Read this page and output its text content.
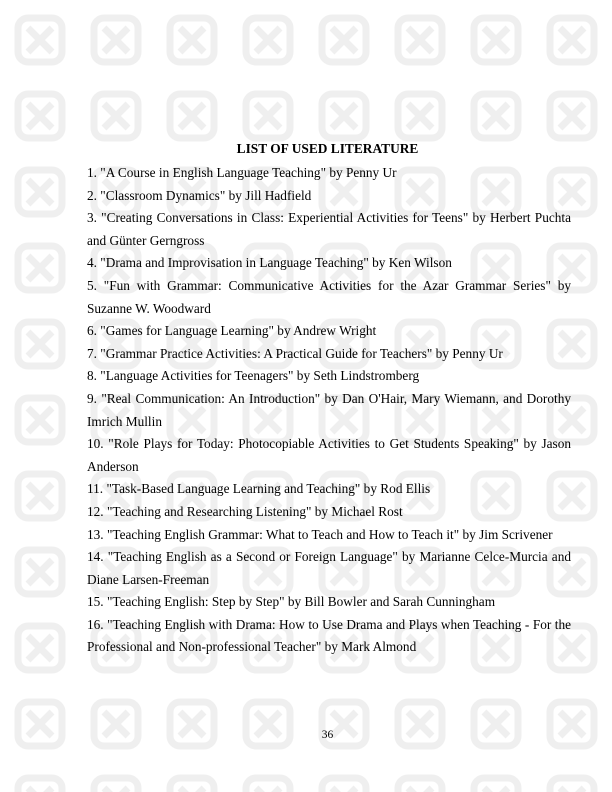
LIST OF USED LITERATURE
1. "A Course in English Language Teaching" by Penny Ur
2. "Classroom Dynamics" by Jill Hadfield
3. "Creating Conversations in Class: Experiential Activities for Teens" by Herbert Puchta and Günter Gerngross
4. "Drama and Improvisation in Language Teaching" by Ken Wilson
5. "Fun with Grammar: Communicative Activities for the Azar Grammar Series" by Suzanne W. Woodward
6. "Games for Language Learning" by Andrew Wright
7. "Grammar Practice Activities: A Practical Guide for Teachers" by Penny Ur
8. "Language Activities for Teenagers" by Seth Lindstromberg
9. "Real Communication: An Introduction" by Dan O'Hair, Mary Wiemann, and Dorothy Imrich Mullin
10. "Role Plays for Today: Photocopiable Activities to Get Students Speaking" by Jason Anderson
11. "Task-Based Language Learning and Teaching" by Rod Ellis
12. "Teaching and Researching Listening" by Michael Rost
13. "Teaching English Grammar: What to Teach and How to Teach it" by Jim Scrivener
14. "Teaching English as a Second or Foreign Language" by Marianne Celce-Murcia and Diane Larsen-Freeman
15. "Teaching English: Step by Step" by Bill Bowler and Sarah Cunningham
16. "Teaching English with Drama: How to Use Drama and Plays when Teaching - For the Professional and Non-professional Teacher" by Mark Almond
36
